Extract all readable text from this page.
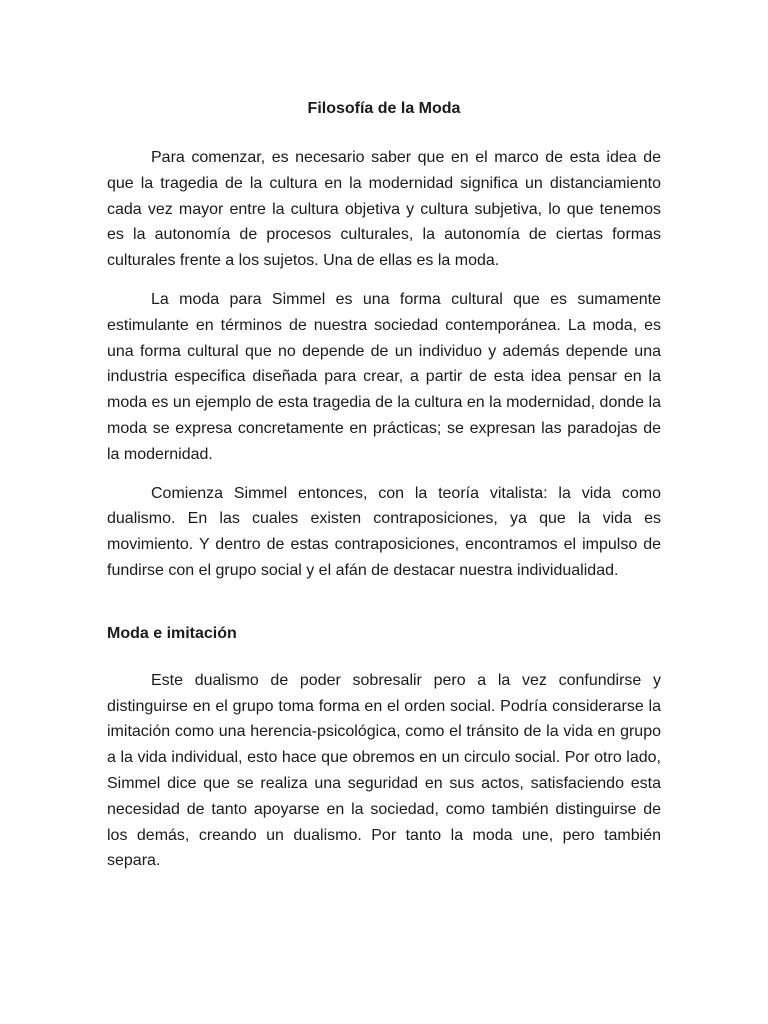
Filosofía de la Moda

Para comenzar, es necesario saber que en el marco de esta idea de que la tragedia de la cultura en la modernidad significa un distanciamiento cada vez mayor entre la cultura objetiva y cultura subjetiva, lo que tenemos es la autonomía de procesos culturales, la autonomía de ciertas formas culturales frente a los sujetos. Una de ellas es la moda.

La moda para Simmel es una forma cultural que es sumamente estimulante en términos de nuestra sociedad contemporánea. La moda, es una forma cultural que no depende de un individuo y además depende una industria especifica diseñada para crear, a partir de esta idea pensar en la moda es un ejemplo de esta tragedia de la cultura en la modernidad, donde la moda se expresa concretamente en prácticas; se expresan las paradojas de la modernidad.

Comienza Simmel entonces, con la teoría vitalista: la vida como dualismo. En las cuales existen contraposiciones, ya que la vida es movimiento. Y dentro de estas contraposiciones, encontramos el impulso de fundirse con el grupo social y el afán de destacar nuestra individualidad.

Moda e imitación

Este dualismo de poder sobresalir pero a la vez confundirse y distinguirse en el grupo toma forma en el orden social. Podría considerarse la imitación como una herencia-psicológica, como el tránsito de la vida en grupo a la vida individual, esto hace que obremos en un circulo social. Por otro lado, Simmel dice que se realiza una seguridad en sus actos, satisfaciendo esta necesidad de tanto apoyarse en la sociedad, como también distinguirse de los demás, creando un dualismo. Por tanto la moda une, pero también separa.
